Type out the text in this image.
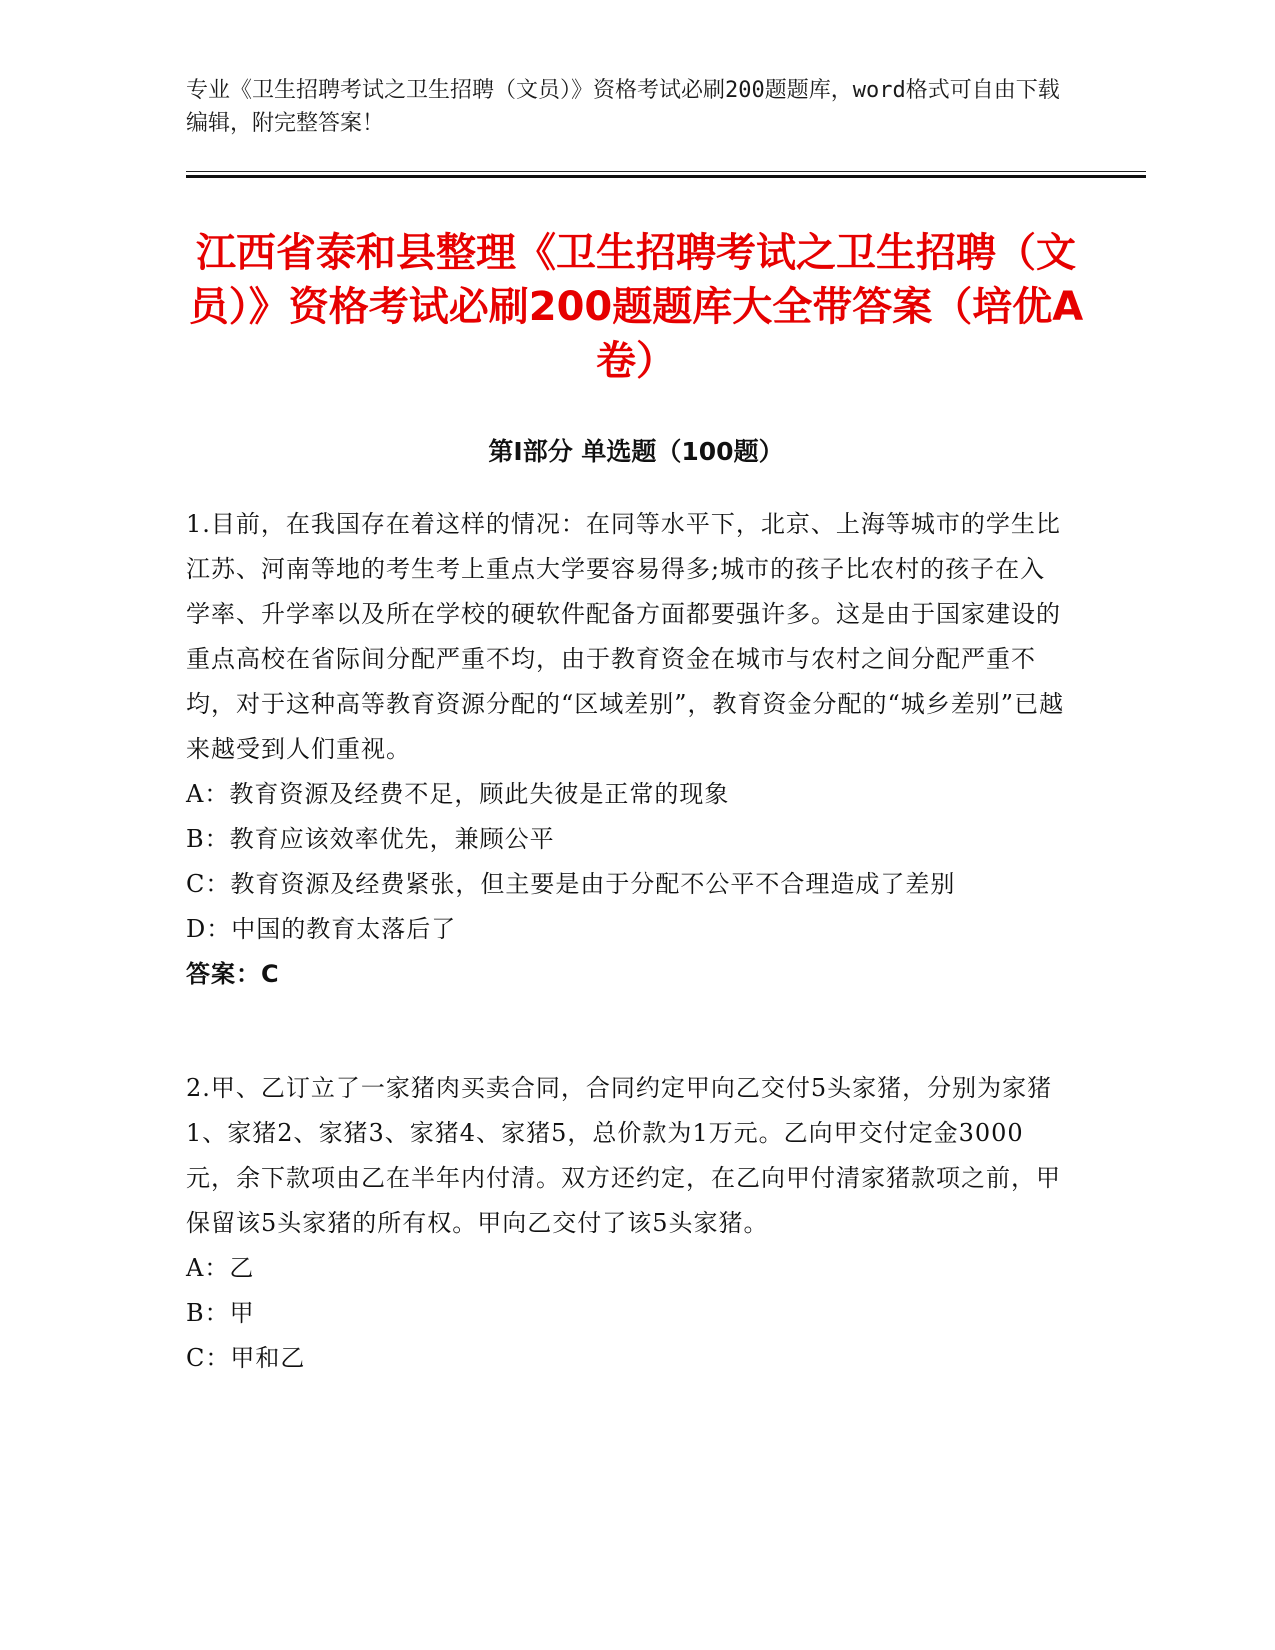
专业《卫生招聘考试之卫生招聘（文员）》资格考试必刷200题题库，word格式可自由下载编辑，附完整答案！

江西省泰和县整理《卫生招聘考试之卫生招聘（文员）》资格考试必刷200题题库大全带答案（培优A卷）
第I部分 单选题（100题）

1.目前，在我国存在着这样的情况：在同等水平下，北京、上海等城市的学生比江苏、河南等地的考生考上重点大学要容易得多;城市的孩子比农村的孩子在入学率、升学率以及所在学校的硬软件配备方面都要强许多。这是由于国家建设的重点高校在省际间分配严重不均，由于教育资金在城市与农村之间分配严重不均，对于这种高等教育资源分配的“区域差别”，教育资金分配的“城乡差别”已越来越受到人们重视。

A：教育资源及经费不足，顾此失彼是正常的现象

B：教育应该效率优先，兼顾公平

C：教育资源及经费紧张，但主要是由于分配不公平不合理造成了差别

D：中国的教育太落后了

答案：C

2.甲、乙订立了一家猪肉买卖合同，合同约定甲向乙交付5头家猪，分别为家猪1、家猪2、家猪3、家猪4、家猪5，总价款为1万元。乙向甲交付定金3000元，余下款项由乙在半年内付清。双方还约定，在乙向甲付清家猪款项之前，甲保留该5头家猪的所有权。甲向乙交付了该5头家猪。

A：乙

B：甲

C：甲和乙
